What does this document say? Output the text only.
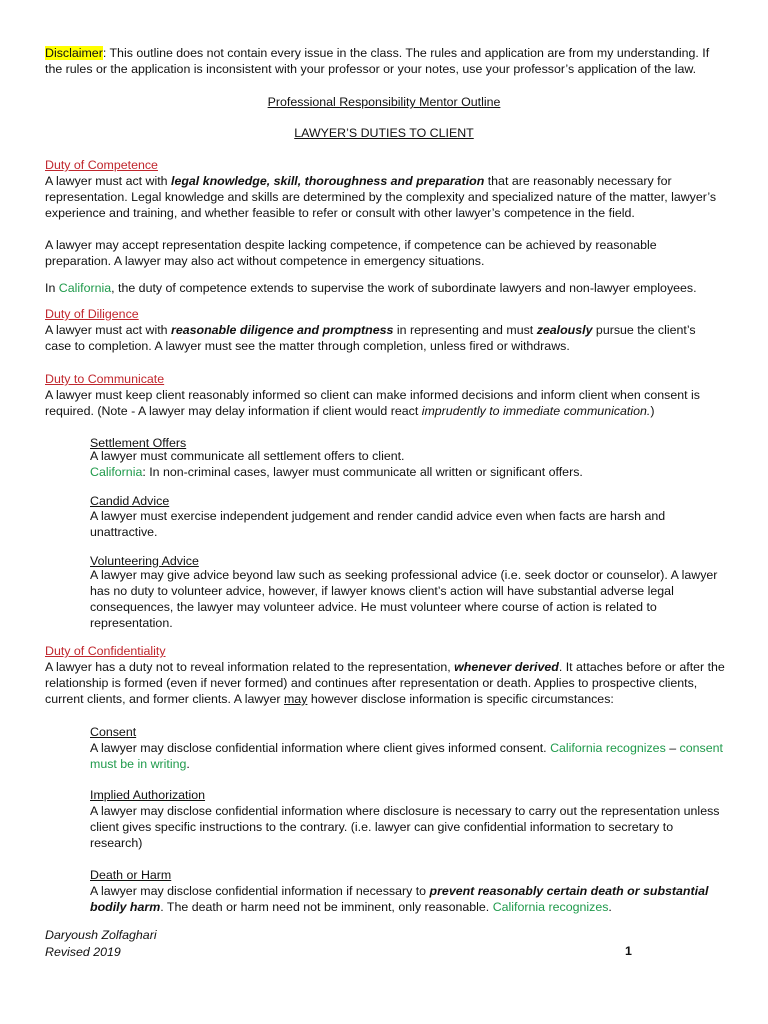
Disclaimer: This outline does not contain every issue in the class. The rules and application are from my understanding. If the rules or the application is inconsistent with your professor or your notes, use your professor’s application of the law.
Professional Responsibility Mentor Outline
LAWYER’S DUTIES TO CLIENT
Duty of Competence
A lawyer must act with legal knowledge, skill, thoroughness and preparation that are reasonably necessary for representation. Legal knowledge and skills are determined by the complexity and specialized nature of the matter, lawyer’s experience and training, and whether feasible to refer or consult with other lawyer’s competence in the field.
A lawyer may accept representation despite lacking competence, if competence can be achieved by reasonable preparation. A lawyer may also act without competence in emergency situations.
In California, the duty of competence extends to supervise the work of subordinate lawyers and non-lawyer employees.
Duty of Diligence
A lawyer must act with reasonable diligence and promptness in representing and must zealously pursue the client’s case to completion. A lawyer must see the matter through completion, unless fired or withdraws.
Duty to Communicate
A lawyer must keep client reasonably informed so client can make informed decisions and inform client when consent is required. (Note - A lawyer may delay information if client would react imprudently to immediate communication.)
Settlement Offers
A lawyer must communicate all settlement offers to client.
California: In non-criminal cases, lawyer must communicate all written or significant offers.
Candid Advice
A lawyer must exercise independent judgement and render candid advice even when facts are harsh and unattractive.
Volunteering Advice
A lawyer may give advice beyond law such as seeking professional advice (i.e. seek doctor or counselor). A lawyer has no duty to volunteer advice, however, if lawyer knows client’s action will have substantial adverse legal consequences, the lawyer may volunteer advice. He must volunteer where course of action is related to representation.
Duty of Confidentiality
A lawyer has a duty not to reveal information related to the representation, whenever derived. It attaches before or after the relationship is formed (even if never formed) and continues after representation or death. Applies to prospective clients, current clients, and former clients. A lawyer may however disclose information is specific circumstances:
Consent
A lawyer may disclose confidential information where client gives informed consent. California recognizes – consent must be in writing.
Implied Authorization
A lawyer may disclose confidential information where disclosure is necessary to carry out the representation unless client gives specific instructions to the contrary. (i.e. lawyer can give confidential information to secretary to research)
Death or Harm
A lawyer may disclose confidential information if necessary to prevent reasonably certain death or substantial bodily harm. The death or harm need not be imminent, only reasonable. California recognizes.
Daryoush Zolfaghari
Revised 2019	1
